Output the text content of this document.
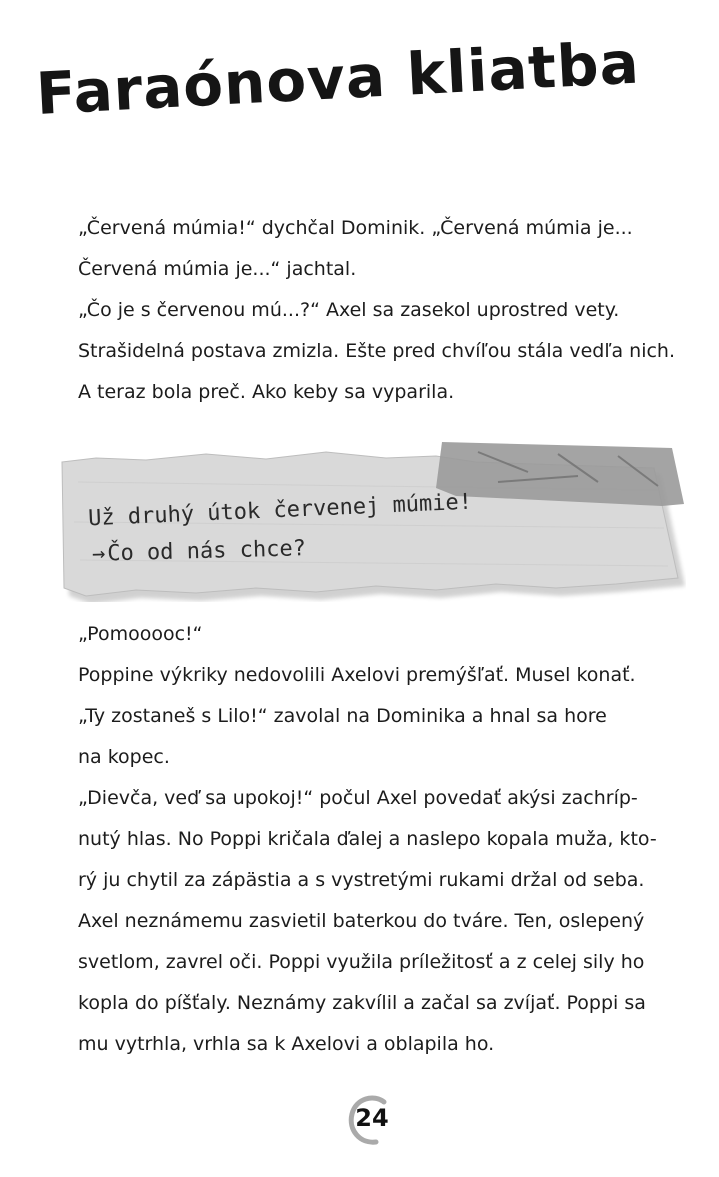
Faraónova kliatba
„Červená múmia!“ dychčal Dominik. „Červená múmia je...
Červená múmia je...“ jachtal.
„Čo je s červenou mú...?“ Axel sa zasekol uprostred vety.
Strašidelná postava zmizla. Ešte pred chvíľou stála vedľa nich.
A teraz bola preč. Ako keby sa vyparila.
Už druhý útok červenej múmie!
→Čo od nás chce?
„Pomooooc!“
Poppine výkriky nedovolili Axelovi premýšľať. Musel konať.
„Ty zostaneš s Lilo!“ zavolal na Dominika a hnal sa hore
na kopec.
„Dievča, veď sa upokoj!“ počul Axel povedať akýsi zachríp-
nutý hlas. No Poppi kričala ďalej a naslepo kopala muža, kto-
rý ju chytil za zápästia a s vystretými rukami držal od seba.
Axel neznámemu zasvietil baterkou do tváre. Ten, oslepený
svetlom, zavrel oči. Poppi využila príležitosť a z celej sily ho
kopla do píšťaly. Neznámy zakvílil a začal sa zvíjať. Poppi sa
mu vytrhla, vrhla sa k Axelovi a oblapila ho.
24
